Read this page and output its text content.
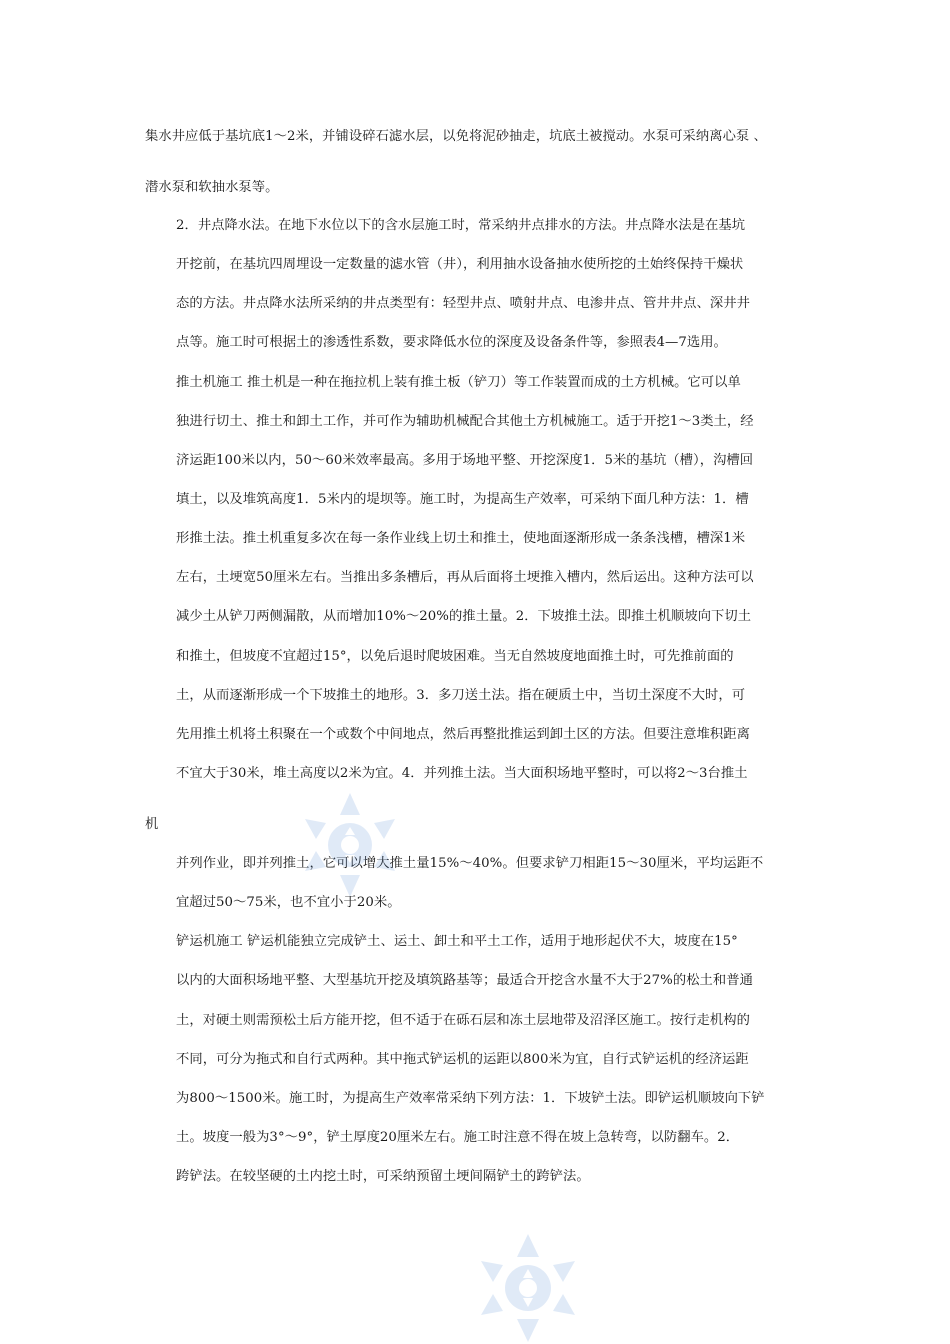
集水井应低于基坑底1～2米，并铺设碎石滤水层，以免将泥砂抽走，坑底土被搅动。水泵可采纳离心泵 、
潜水泵和软抽水泵等。
2．井点降水法。在地下水位以下的含水层施工时，常采纳井点排水的方法。井点降水法是在基坑
开挖前，在基坑四周埋设一定数量的滤水管（井），利用抽水设备抽水使所挖的土始终保持干燥状
态的方法。井点降水法所采纳的井点类型有：轻型井点、喷射井点、电渗井点、管井井点、深井井
点等。施工时可根据土的渗透性系数，要求降低水位的深度及设备条件等，参照表4—7选用。
推土机施工 推土机是一种在拖拉机上装有推土板（铲刀）等工作装置而成的土方机械。它可以单
独进行切土、推土和卸土工作，并可作为辅助机械配合其他土方机械施工。适于开挖1～3类土，经
济运距100米以内，50～60米效率最高。多用于场地平整、开挖深度1．5米的基坑（槽），沟槽回
填土，以及堆筑高度1．5米内的堤坝等。施工时，为提高生产效率，可采纳下面几种方法：1．槽
形推土法。推土机重复多次在每一条作业线上切土和推土，使地面逐渐形成一条条浅槽，槽深1米
左右，土埂宽50厘米左右。当推出多条槽后，再从后面将土埂推入槽内，然后运出。这种方法可以
减少土从铲刀两侧漏散，从而增加10%～20%的推土量。2．下坡推土法。即推土机顺坡向下切土
和推土，但坡度不宜超过15°，以免后退时爬坡困难。当无自然坡度地面推土时，可先推前面的
土，从而逐渐形成一个下坡推土的地形。3．多刀送土法。指在硬质土中，当切土深度不大时，可
先用推土机将土积聚在一个或数个中间地点，然后再整批推运到卸土区的方法。但要注意堆积距离
不宜大于30米，堆土高度以2米为宜。4．并列推土法。当大面积场地平整时，可以将2～3台推土
机
并列作业，即并列推土，它可以增大推土量15%～40%。但要求铲刀相距15～30厘米，平均运距不
宜超过50～75米，也不宜小于20米。
铲运机施工 铲运机能独立完成铲土、运土、卸土和平土工作，适用于地形起伏不大，坡度在15°
以内的大面积场地平整、大型基坑开挖及填筑路基等；最适合开挖含水量不大于27%的松土和普通
土，对硬土则需预松土后方能开挖，但不适于在砾石层和冻土层地带及沼泽区施工。按行走机构的
不同，可分为拖式和自行式两种。其中拖式铲运机的运距以800米为宜，自行式铲运机的经济运距
为800～1500米。施工时，为提高生产效率常采纳下列方法：1．下坡铲土法。即铲运机顺坡向下铲
土。坡度一般为3°～9°，铲土厚度20厘米左右。施工时注意不得在坡上急转弯，以防翻车。2．
跨铲法。在较坚硬的土内挖土时，可采纳预留土埂间隔铲土的跨铲法。
